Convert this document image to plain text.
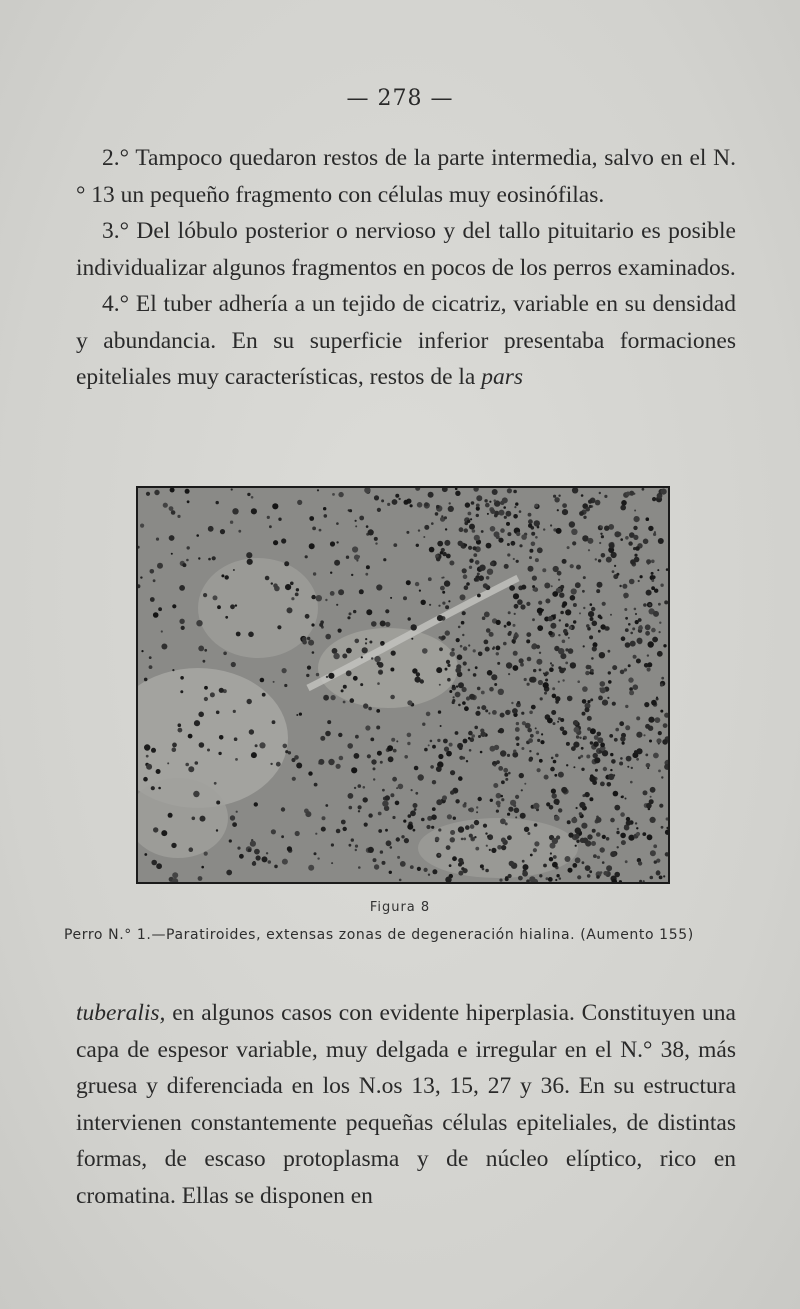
— 278 —

2.° Tampoco quedaron restos de la parte intermedia, salvo en el N.° 13 un pequeño fragmento con células muy eosinófilas.

3.° Del lóbulo posterior o nervioso y del tallo pituitario es posible individualizar algunos fragmentos en pocos de los perros examinados.

4.° El tuber adhería a un tejido de cicatriz, variable en su densidad y abundancia. En su superficie inferior presentaba formaciones epiteliales muy características, restos de la pars

Figura 8
Perro N.° 1.—Paratiroides, extensas zonas de degeneración hialina. (Aumento 155)

tuberalis, en algunos casos con evidente hiperplasia. Constituyen una capa de espesor variable, muy delgada e irregular en el N.° 38, más gruesa y diferenciada en los N.os 13, 15, 27 y 36. En su estructura intervienen constantemente pequeñas células epiteliales, de distintas formas, de escaso protoplasma y de núcleo elíptico, rico en cromatina. Ellas se disponen en
